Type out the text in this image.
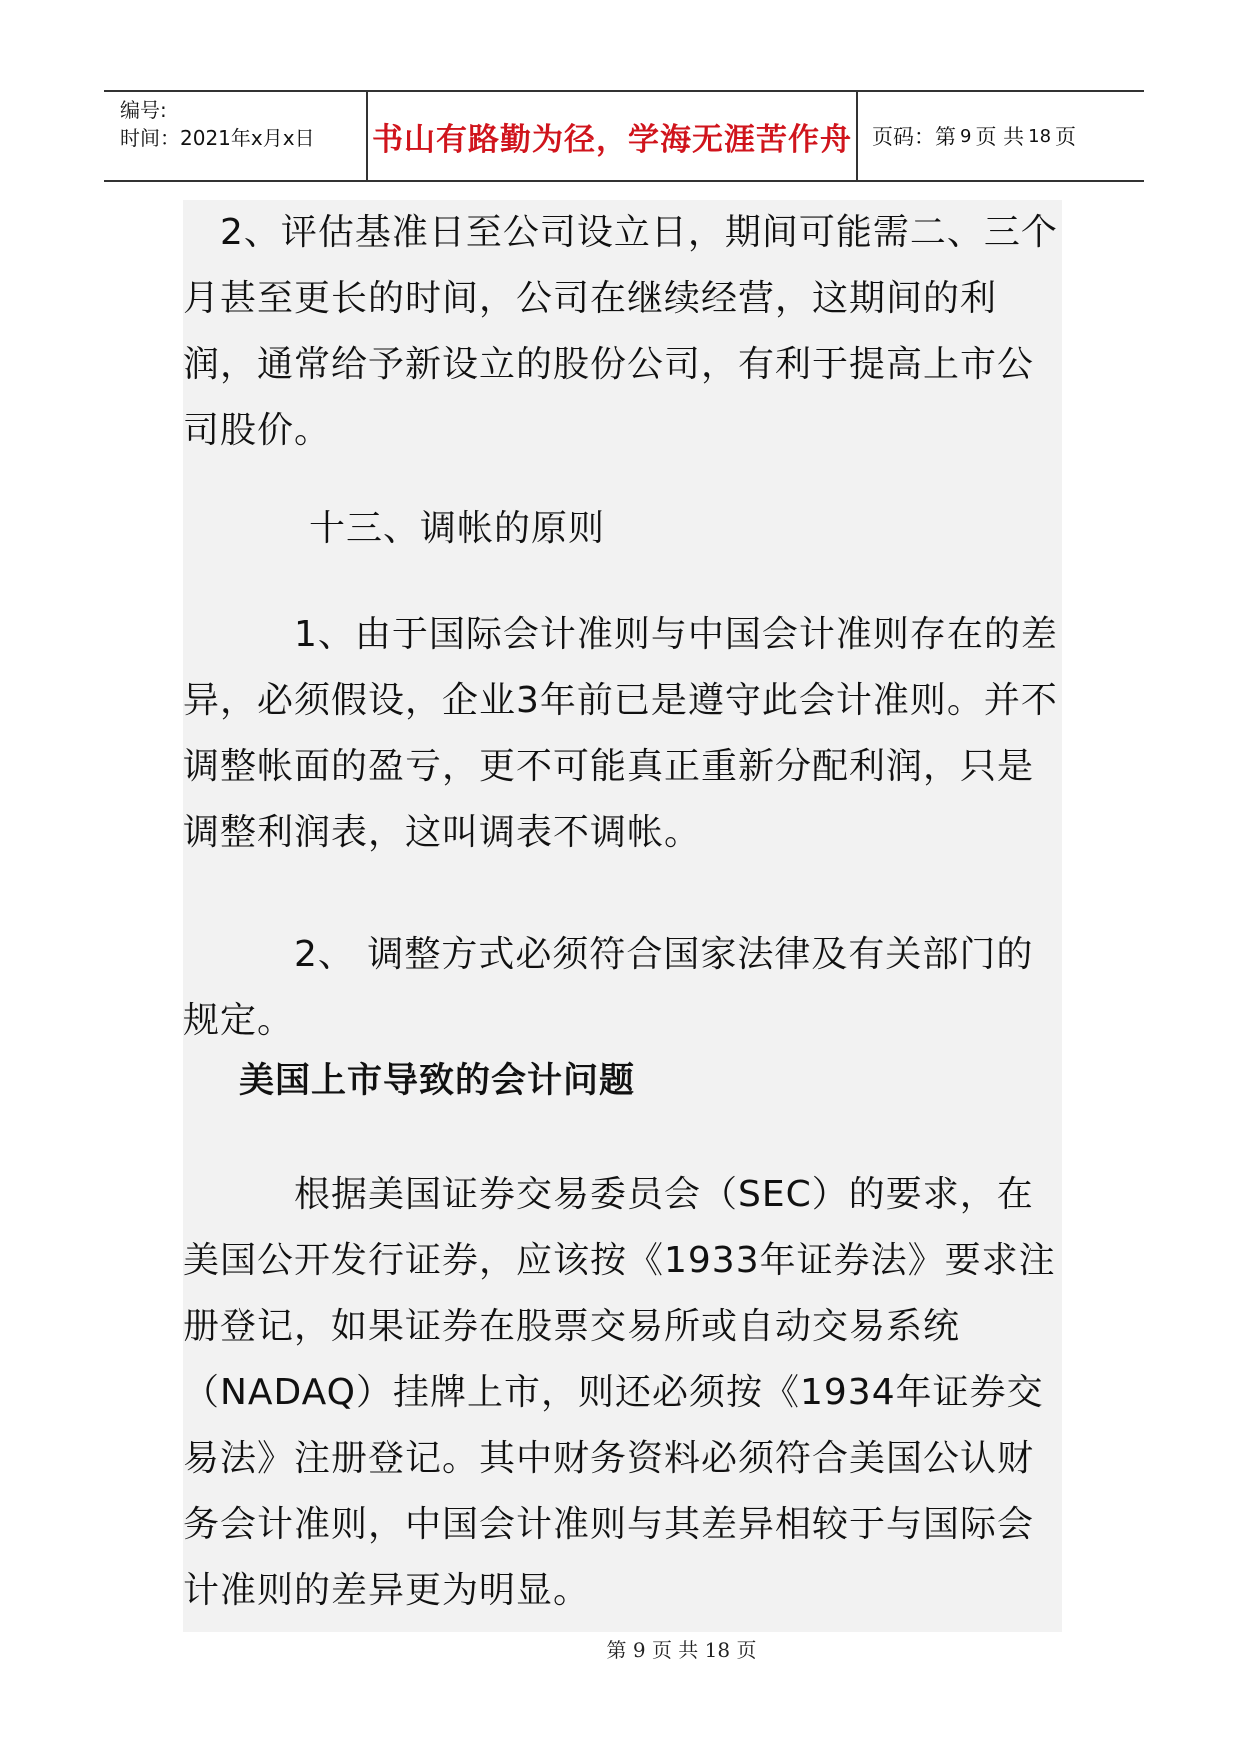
编号:
时间：2021年x月x日	书山有路勤为径，学海无涯苦作舟 页码：第 9 页 共 18 页

　2、评估基准日至公司设立日，期间可能需二、三个月甚至更长的时间，公司在继续经营，这期间的利润，通常给予新设立的股份公司，有利于提高上市公司股价。

十三、调帐的原则

　　　1、由于国际会计准则与中国会计准则存在的差异，必须假设，企业3年前已是遵守此会计准则。并不调整帐面的盈亏，更不可能真正重新分配利润，只是调整利润表，这叫调表不调帐。

　　　2、 调整方式必须符合国家法律及有关部门的规定。

美国上市导致的会计问题

　　　根据美国证券交易委员会（SEC）的要求，在美国公开发行证券，应该按《1933年证券法》要求注册登记，如果证券在股票交易所或自动交易系统（NADAQ）挂牌上市，则还必须按《1934年证券交易法》注册登记。其中财务资料必须符合美国公认财务会计准则，中国会计准则与其差异相较于与国际会计准则的差异更为明显。

第 9 页 共 18 页
